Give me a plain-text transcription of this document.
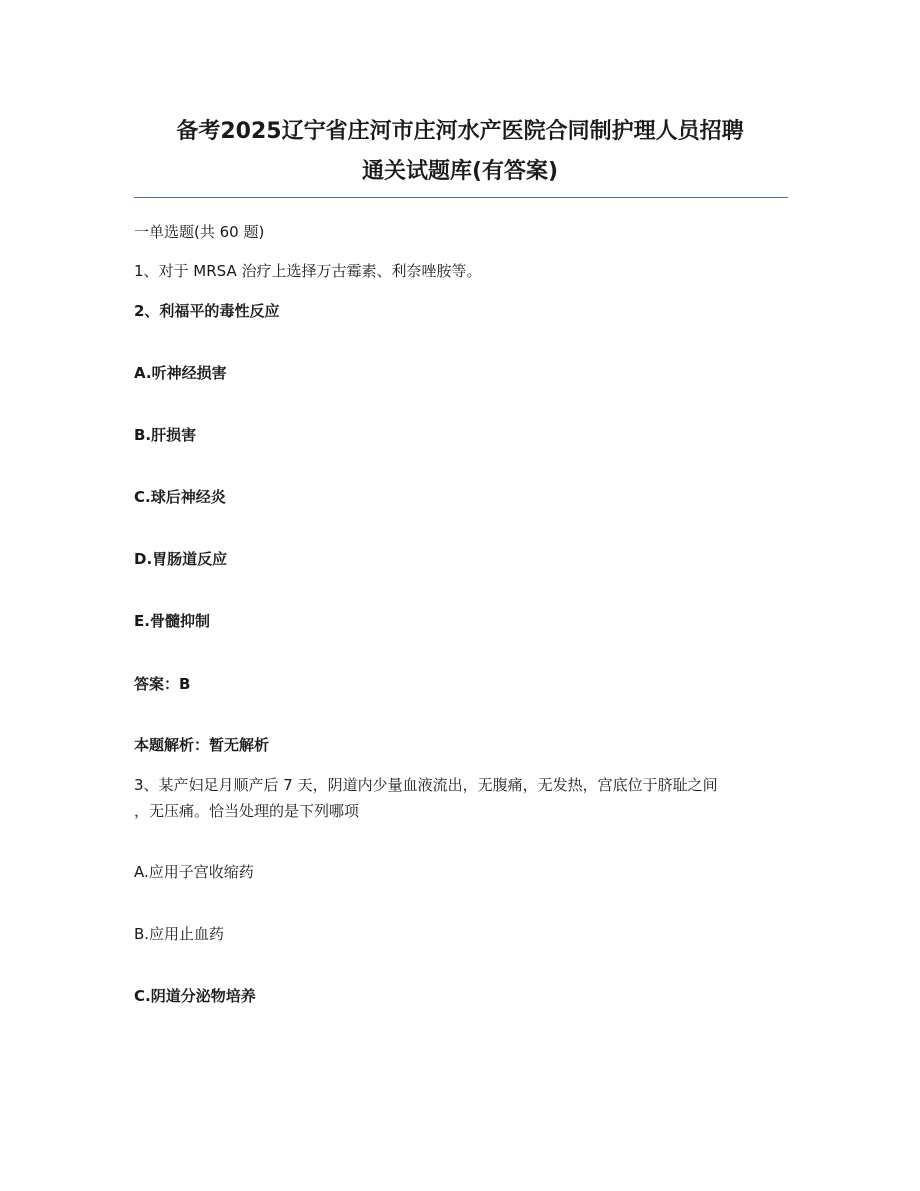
备考2025辽宁省庄河市庄河水产医院合同制护理人员招聘
通关试题库(有答案)
一单选题(共 60 题)
1、对于 MRSA 治疗上选择万古霉素、利奈唑胺等。
2、利福平的毒性反应
A.听神经损害
B.肝损害
C.球后神经炎
D.胃肠道反应
E.骨髓抑制
答案：B
本题解析：暂无解析
3、某产妇足月顺产后 7 天，阴道内少量血液流出，无腹痛，无发热，宫底位于脐耻之间
，无压痛。恰当处理的是下列哪项
A.应用子宫收缩药
B.应用止血药
C.阴道分泌物培养
